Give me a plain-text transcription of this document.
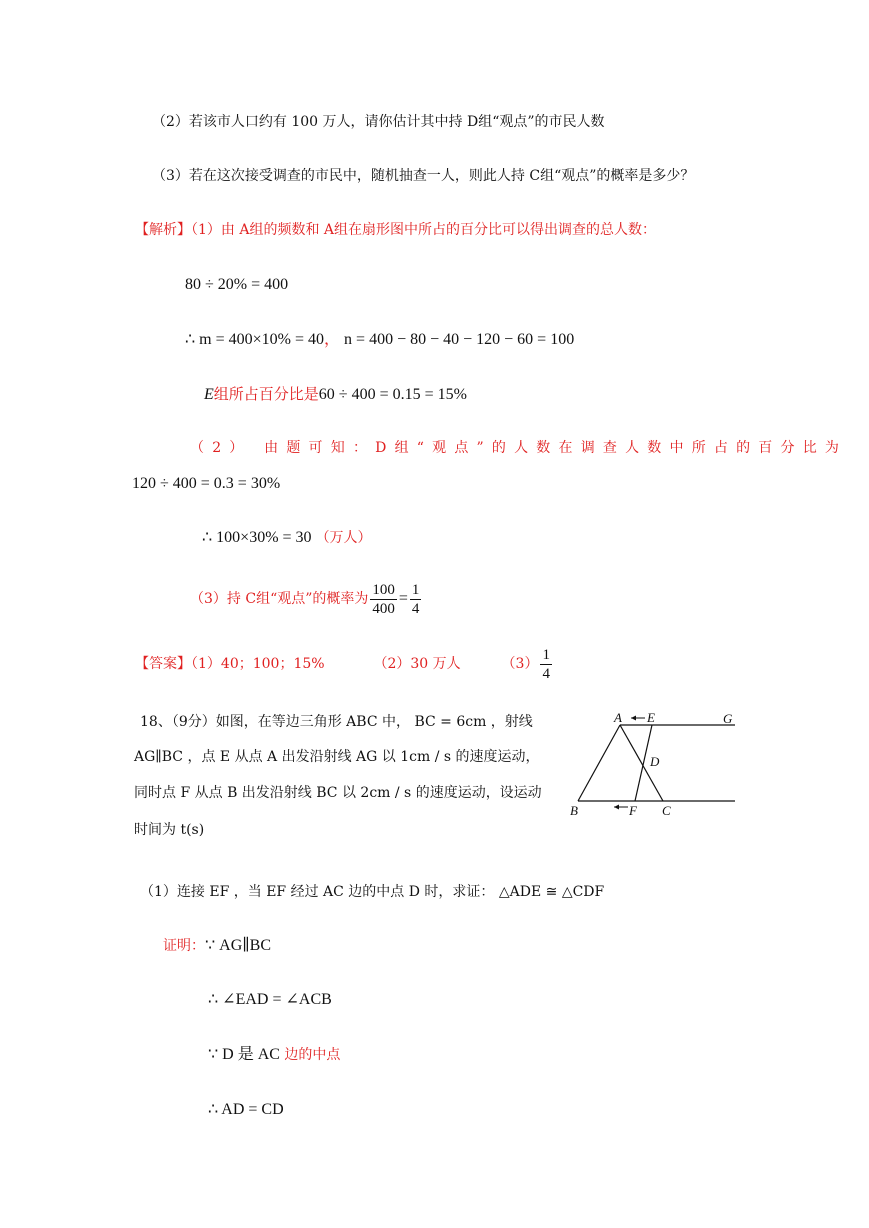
（2）若该市人口约有 100 万人，请你估计其中持 D组“观点”的市民人数
（3）若在这次接受调查的市民中，随机抽查一人，则此人持 C组“观点”的概率是多少？
【解析】（1）由 A组的频数和 A组在扇形图中所占的百分比可以得出调查的总人数：
80 ÷ 20% = 400
∴ m = 400×10% = 40， n = 400 − 80 − 40 − 120 − 60 = 100
E组所占百分比是60 ÷ 400 = 0.15 = 15%
（2） 由题可知：D组“观点”的人数在调查人数中所占的百分比为
120 ÷ 400 = 0.3 = 30%
∴ 100×30% = 30 （万人）
（3）持 C组“观点”的概率为 $\frac{100}{400} = \frac{1}{4}$
【答案】（1）40；100；15%	（2）30 万人	$(3) \frac{1}{4}$
18、（9分）如图，在等边三角形 ABC 中， BC = 6cm ，射线
AG∥BC ，点 E 从点 A 出发沿射线 AG 以 1cm / s 的速度运动，
同时点 F 从点 B 出发沿射线 BC 以 2cm / s 的速度运动，设运动
时间为 t(s)
A E	G
D
B	F C
（1）连接 EF ，当 EF 经过 AC 边的中点 D 时，求证： △ADE ≅ △CDF
证明：∵ AG∥BC
∴ ∠EAD = ∠ACB
∵ D 是 AC 边的中点
∴ AD = CD
